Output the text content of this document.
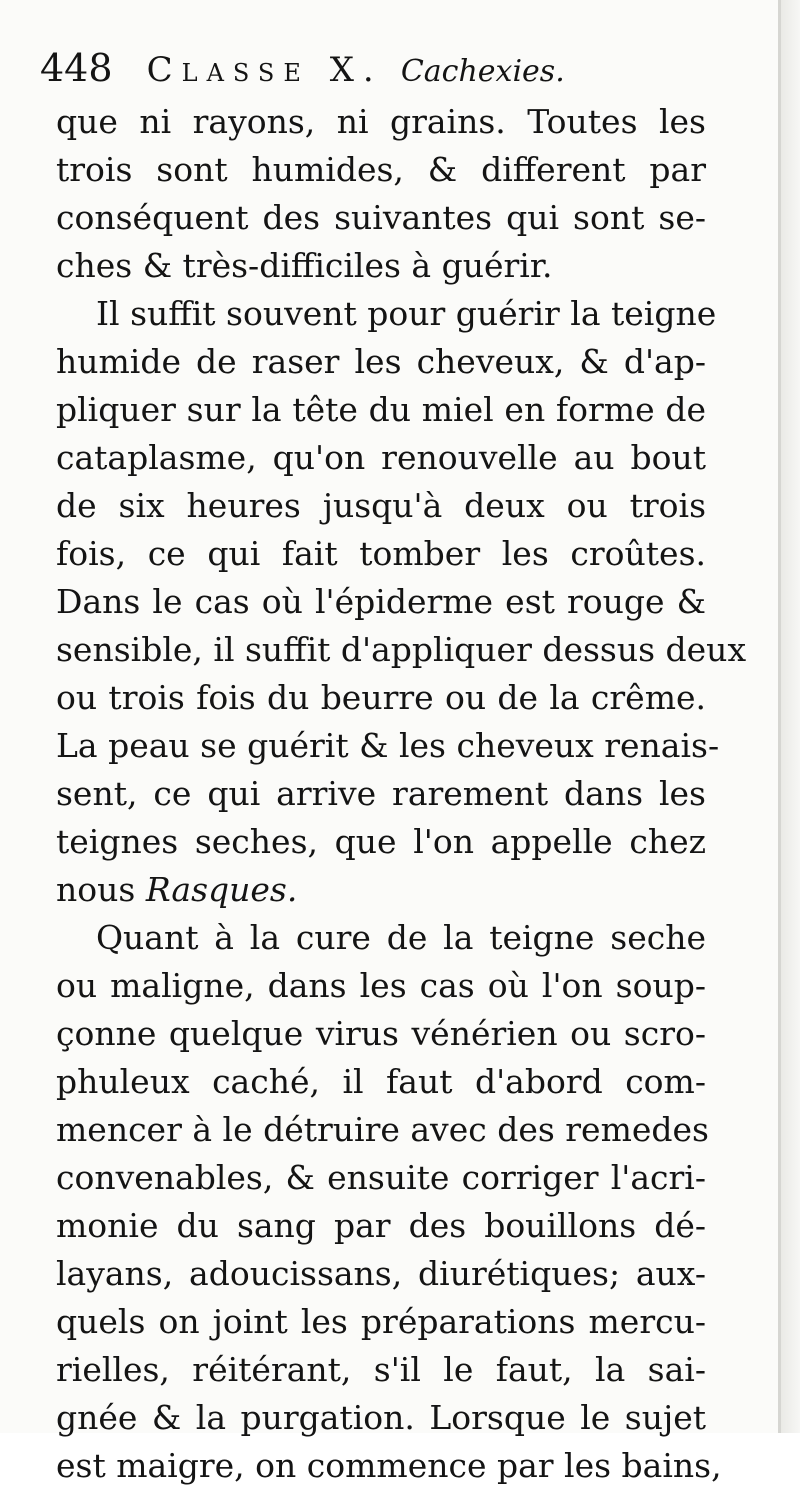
448 Classe X. Cachexies.
que ni rayons, ni grains. Toutes les
trois sont humides, & different par
conséquent des suivantes qui sont se-
ches & très-difficiles à guérir.
Il suffit souvent pour guérir la teigne
humide de raser les cheveux, & d'ap-
pliquer sur la tête du miel en forme de
cataplasme, qu'on renouvelle au bout
de six heures jusqu'à deux ou trois
fois, ce qui fait tomber les croûtes.
Dans le cas où l'épiderme est rouge &
sensible, il suffit d'appliquer dessus deux
ou trois fois du beurre ou de la crême.
La peau se guérit & les cheveux renais-
sent, ce qui arrive rarement dans les
teignes seches, que l'on appelle chez
nous Rasques.
Quant à la cure de la teigne seche
ou maligne, dans les cas où l'on soup-
çonne quelque virus vénérien ou scro-
phuleux caché, il faut d'abord com-
mencer à le détruire avec des remedes
convenables, & ensuite corriger l'acri-
monie du sang par des bouillons dé-
layans, adoucissans, diurétiques; aux-
quels on joint les préparations mercu-
rielles, réitérant, s'il le faut, la sai-
gnée & la purgation. Lorsque le sujet
est maigre, on commence par les bains,
